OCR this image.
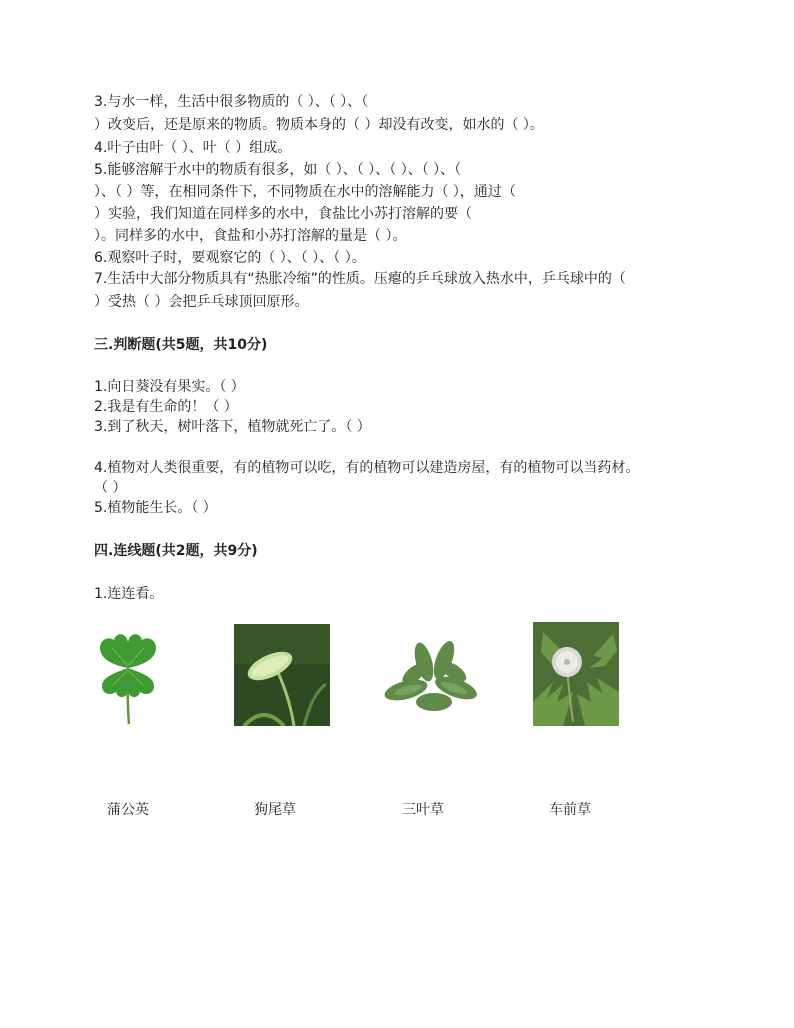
3.与水一样，生活中很多物质的（ ）、（ ）、（
）改变后，还是原来的物质。物质本身的（ ）却没有改变，如水的（ ）。
4.叶子由叶（ ）、叶（ ）组成。
5.能够溶解于水中的物质有很多，如（ ）、（ ）、（ ）、（ ）、（
）、（ ）等，在相同条件下，不同物质在水中的溶解能力（ ），通过（
）实验，我们知道在同样多的水中，食盐比小苏打溶解的要（
）。同样多的水中，食盐和小苏打溶解的量是（ ）。
6.观察叶子时，要观察它的（ ）、（ ）、（ ）。
7.生活中大部分物质具有“热胀冷缩”的性质。压瘪的乒乓球放入热水中，乒乓球中的（
）受热（ ）会把乒乓球顶回原形。
三.判断题(共5题，共10分)
1.向日葵没有果实。（ ）
2.我是有生命的！（ ）
3.到了秋天，树叶落下，植物就死亡了。（ ）
4.植物对人类很重要，有的植物可以吃，有的植物可以建造房屋，有的植物可以当药材。
（ ）
5.植物能生长。（ ）
四.连线题(共2题，共9分)
1.连连看。
蒲公英	狗尾草	三叶草	车前草
